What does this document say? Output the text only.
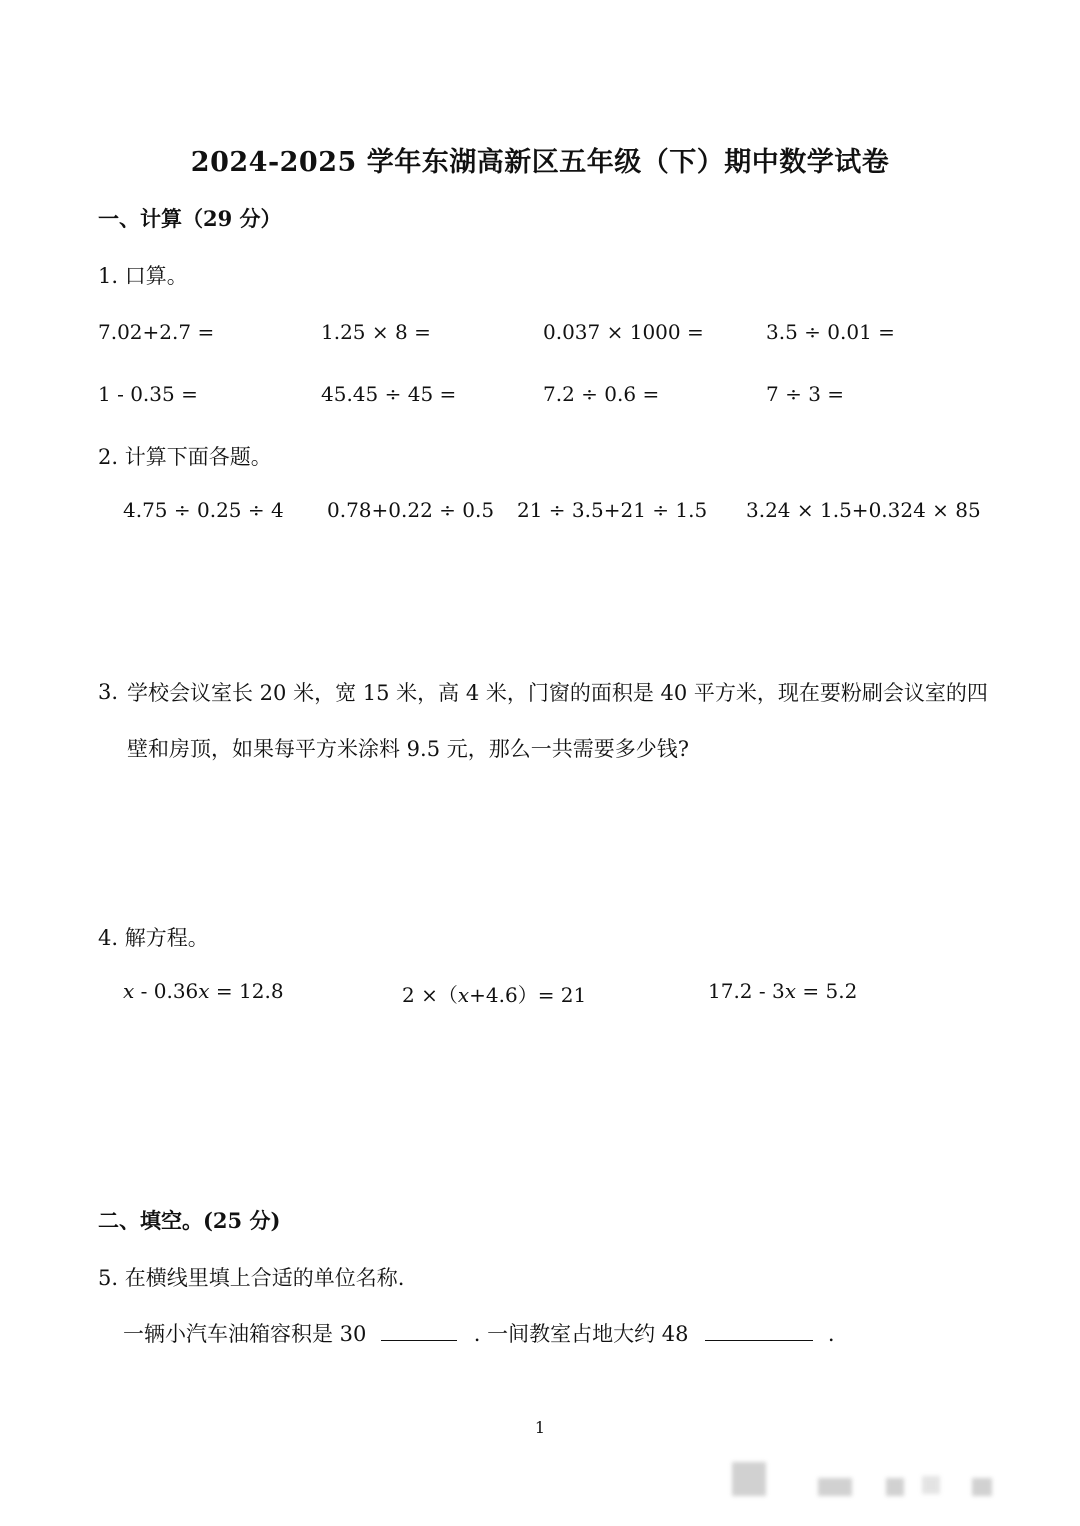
2024-2025 学年东湖高新区五年级（下）期中数学试卷
一、计算（29 分）
1. 口算。
7.02+2.7 =	1.25 × 8 =	0.037 × 1000 =	3.5 ÷ 0.01 =
1 - 0.35 =	45.45 ÷ 45 =	7.2 ÷ 0.6 =	7 ÷ 3 =
2. 计算下面各题。
4.75 ÷ 0.25 ÷ 4 0.78+0.22 ÷ 0.5 21 ÷ 3.5+21 ÷ 1.5 3.24 × 1.5+0.324 × 85
3. 学校会议室长 20 米，宽 15 米，高 4 米，门窗的面积是 40 平方米，现在要粉刷会议室的四
壁和房顶，如果每平方米涂料 9.5 元，那么一共需要多少钱?
4. 解方程。
x - 0.36x = 12.8	2 ×（x+4.6）= 21	17.2 - 3x = 5.2
二、填空。(25 分)
5. 在横线里填上合适的单位名称.
一辆小汽车油箱容积是 30	. 一间教室占地大约 48	.
1
